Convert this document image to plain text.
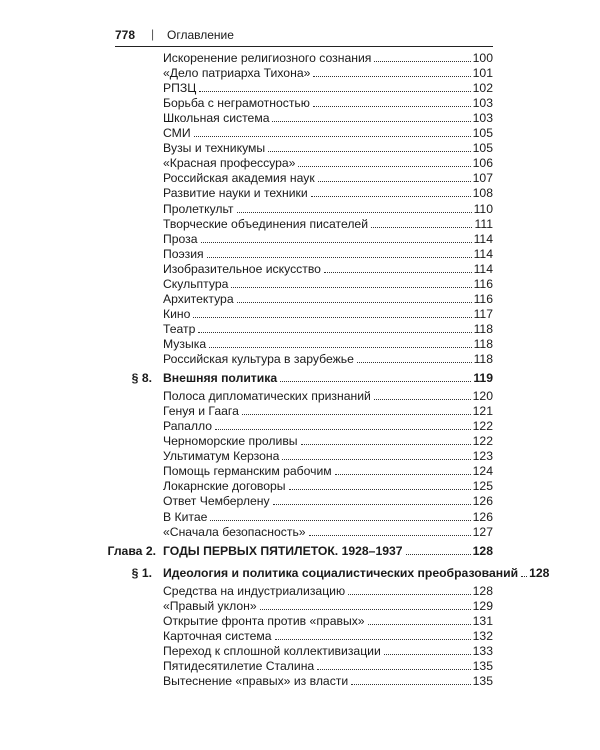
778 | Оглавление
Искоренение религиозного сознания	100
«Дело патриарха Тихона»	101
РПЗЦ	102
Борьба с неграмотностью	103
Школьная система	103
СМИ	105
Вузы и техникумы	105
«Красная профессура»	106
Российская академия наук	107
Развитие науки и техники	108
Пролеткульт	110
Творческие объединения писателей	111
Проза	114
Поэзия	114
Изобразительное искусство	114
Скульптура	116
Архитектура	116
Кино	117
Театр	118
Музыка	118
Российская культура в зарубежье	118
§ 8. Внешняя политика	119
Полоса дипломатических признаний	120
Генуя и Гаага	121
Рапалло	122
Черноморские проливы	122
Ультиматум Керзона	123
Помощь германским рабочим	124
Локарнские договоры	125
Ответ Чемберлену	126
В Китае	126
«Сначала безопасность»	127
Глава 2. ГОДЫ ПЕРВЫХ ПЯТИЛЕТОК. 1928–1937	128
§ 1. Идеология и политика социалистических преобразований 128
Средства на индустриализацию	128
«Правый уклон»	129
Открытие фронта против «правых»	131
Карточная система	132
Переход к сплошной коллективизации	133
Пятидесятилетие Сталина	135
Вытеснение «правых» из власти	135
